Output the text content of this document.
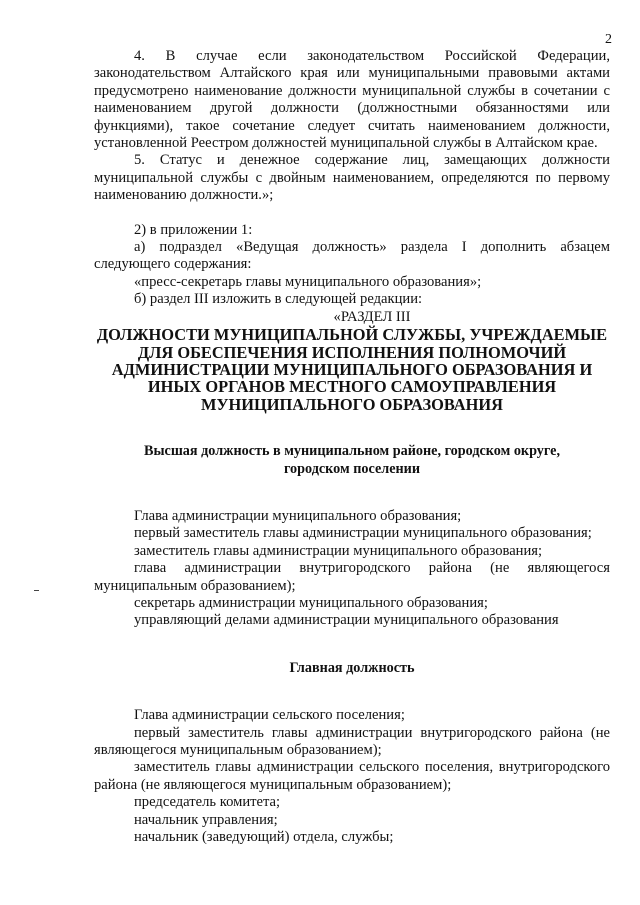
2

4. В случае если законодательством Российской Федерации, законодательством Алтайского края или муниципальными правовыми актами предусмотрено наименование должности муниципальной службы в сочетании с наименованием другой должности (должностными обязанностями или функциями), такое сочетание следует считать наименованием должности, установленной Реестром должностей муниципальной службы в Алтайском крае.

5. Статус и денежное содержание лиц, замещающих должности муниципальной службы с двойным наименованием, определяются по первому наименованию должности.»;

2) в приложении 1:

а) подраздел «Ведущая должность» раздела I дополнить абзацем следующего содержания:

«пресс-секретарь главы муниципального образования»;

б) раздел III изложить в следующей редакции:

«РАЗДЕЛ III

ДОЛЖНОСТИ МУНИЦИПАЛЬНОЙ СЛУЖБЫ, УЧРЕЖДАЕМЫЕ ДЛЯ ОБЕСПЕЧЕНИЯ ИСПОЛНЕНИЯ ПОЛНОМОЧИЙ АДМИНИСТРАЦИИ МУНИЦИПАЛЬНОГО ОБРАЗОВАНИЯ И ИНЫХ ОРГАНОВ МЕСТНОГО САМОУПРАВЛЕНИЯ МУНИЦИПАЛЬНОГО ОБРАЗОВАНИЯ

Высшая должность в муниципальном районе, городском округе, городском поселении

Глава администрации муниципального образования;

первый заместитель главы администрации муниципального образования;

заместитель главы администрации муниципального образования;

глава администрации внутригородского района (не являющегося муниципальным образованием);

секретарь администрации муниципального образования;

управляющий делами администрации муниципального образования

Главная должность

Глава администрации сельского поселения;

первый заместитель главы администрации внутригородского района (не являющегося муниципальным образованием);

заместитель главы администрации сельского поселения, внутригородского района (не являющегося муниципальным образованием);

председатель комитета;

начальник управления;

начальник (заведующий) отдела, службы;
